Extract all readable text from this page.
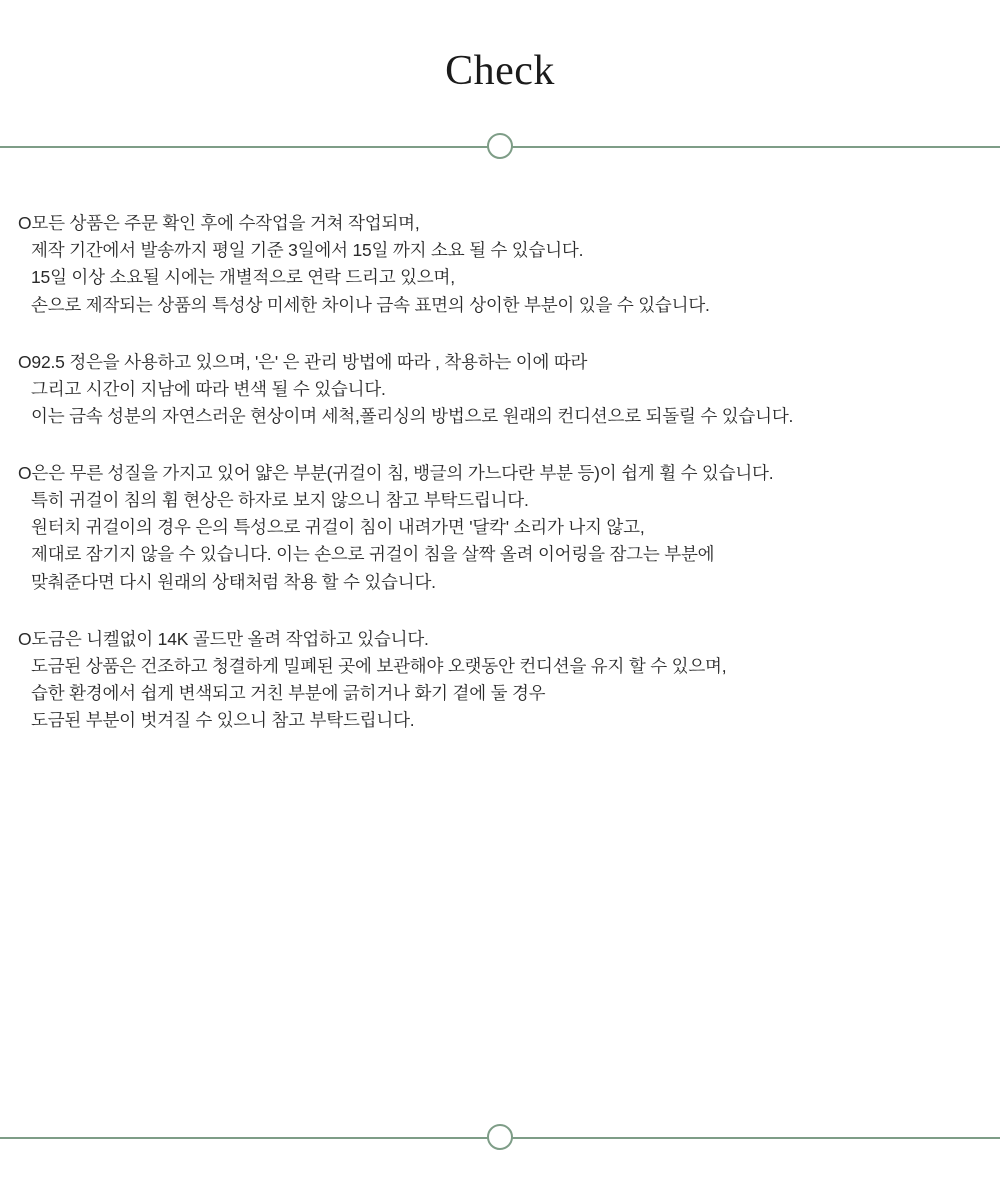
Check
O모든 상품은 주문 확인 후에 수작업을 거쳐 작업되며,
제작 기간에서 발송까지 평일 기준 3일에서 15일 까지 소요 될 수 있습니다.
15일 이상 소요될 시에는 개별적으로 연락 드리고 있으며,
손으로 제작되는 상품의 특성상 미세한 차이나 금속 표면의 상이한 부분이 있을 수 있습니다.
O92.5 정은을 사용하고 있으며, '은' 은 관리 방법에 따라 , 착용하는 이에 따라
그리고 시간이 지남에 따라 변색 될 수 있습니다.
이는 금속 성분의 자연스러운 현상이며 세척,폴리싱의 방법으로 원래의 컨디션으로 되돌릴 수 있습니다.
O은은 무른 성질을 가지고 있어 얇은 부분(귀걸이 침, 뱅글의 가느다란 부분 등)이 쉽게 휠 수 있습니다.
특히 귀걸이 침의 휨 현상은 하자로 보지 않으니 참고 부탁드립니다.
원터치 귀걸이의 경우 은의 특성으로 귀걸이 침이 내려가면 '달칵' 소리가 나지 않고,
제대로 잠기지 않을 수 있습니다. 이는 손으로 귀걸이 침을 살짝 올려 이어링을 잠그는 부분에
맞춰준다면 다시 원래의 상태처럼 착용 할 수 있습니다.
O도금은 니켈없이 14K 골드만 올려 작업하고 있습니다.
도금된 상품은 건조하고 청결하게 밀폐된 곳에 보관해야 오랫동안 컨디션을 유지 할 수 있으며,
습한 환경에서 쉽게 변색되고 거친 부분에 긁히거나 화기 곁에 둘 경우
도금된 부분이 벗겨질 수 있으니 참고 부탁드립니다.
